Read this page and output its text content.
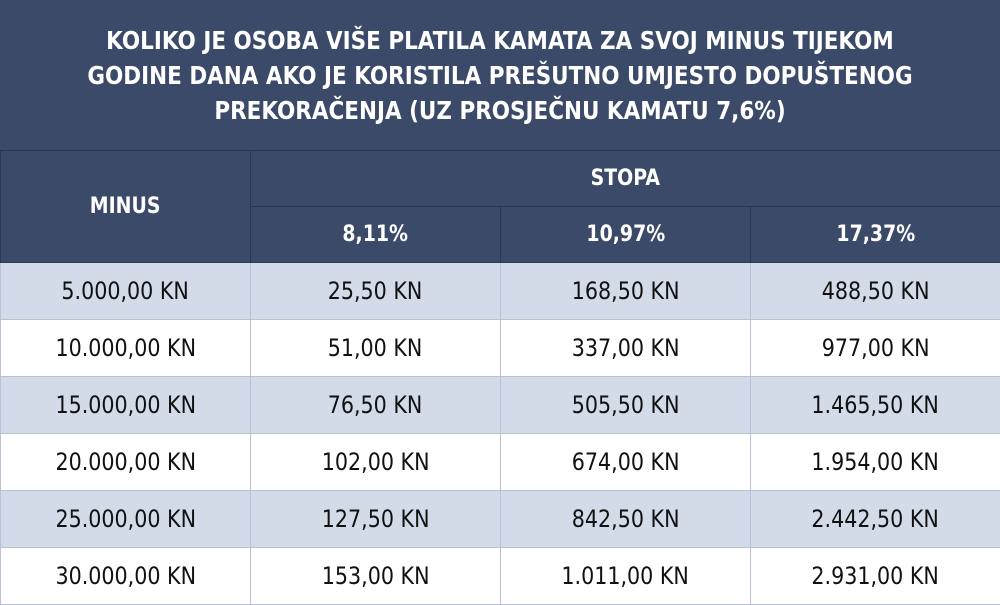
KOLIKO JE OSOBA VIŠE PLATILA KAMATA ZA SVOJ MINUS TIJEKOM GODINE DANA AKO JE KORISTILA PREŠUTNO UMJESTO DOPUŠTENOG PREKORAČENJA (UZ PROSJEČNU KAMATU 7,6%)
MINUS	STOPA		
	8,11%	10,97%	17,37%
5.000,00 KN	25,50 KN	168,50 KN	488,50 KN
10.000,00 KN	51,00 KN	337,00 KN	977,00 KN
15.000,00 KN	76,50 KN	505,50 KN	1.465,50 KN
20.000,00 KN	102,00 KN	674,00 KN	1.954,00 KN
25.000,00 KN	127,50 KN	842,50 KN	2.442,50 KN
30.000,00 KN	153,00 KN	1.011,00 KN	2.931,00 KN
